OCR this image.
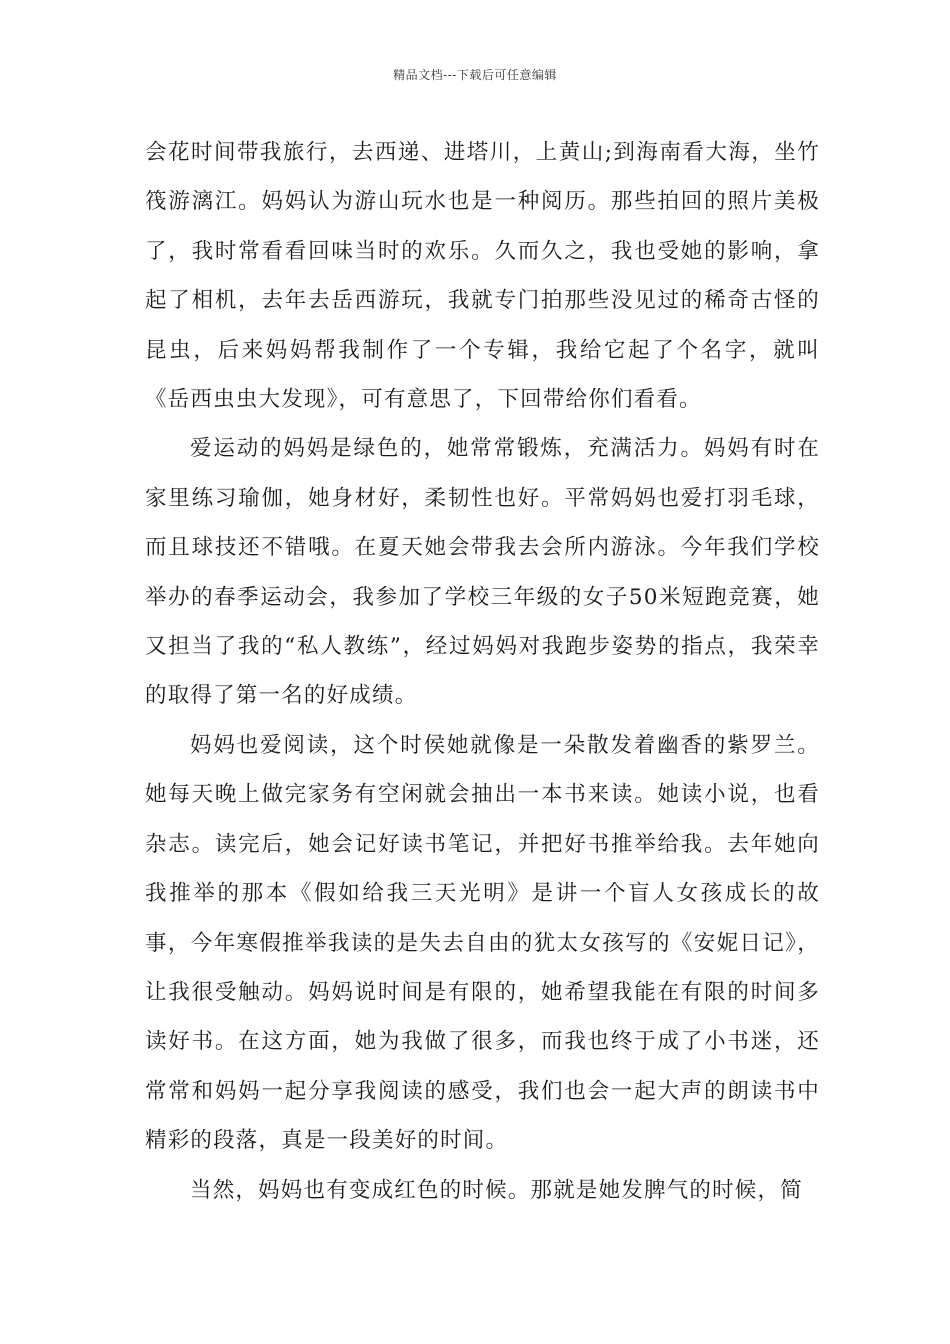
精品文档---下载后可任意编辑

会花时间带我旅行，去西递、进塔川，上黄山;到海南看大海，坐竹筏游漓江。妈妈认为游山玩水也是一种阅历。那些拍回的照片美极了，我时常看看回味当时的欢乐。久而久之，我也受她的影响，拿起了相机，去年去岳西游玩，我就专门拍那些没见过的稀奇古怪的昆虫，后来妈妈帮我制作了一个专辑，我给它起了个名字，就叫《岳西虫虫大发现》，可有意思了，下回带给你们看看。

爱运动的妈妈是绿色的，她常常锻炼，充满活力。妈妈有时在家里练习瑜伽，她身材好，柔韧性也好。平常妈妈也爱打羽毛球，而且球技还不错哦。在夏天她会带我去会所内游泳。今年我们学校举办的春季运动会，我参加了学校三年级的女子50米短跑竞赛，她又担当了我的“私人教练”，经过妈妈对我跑步姿势的指点，我荣幸的取得了第一名的好成绩。

妈妈也爱阅读，这个时侯她就像是一朵散发着幽香的紫罗兰。她每天晚上做完家务有空闲就会抽出一本书来读。她读小说，也看杂志。读完后，她会记好读书笔记，并把好书推举给我。去年她向我推举的那本《假如给我三天光明》是讲一个盲人女孩成长的故事，今年寒假推举我读的是失去自由的犹太女孩写的《安妮日记》，让我很受触动。妈妈说时间是有限的，她希望我能在有限的时间多读好书。在这方面，她为我做了很多，而我也终于成了小书迷，还常常和妈妈一起分享我阅读的感受，我们也会一起大声的朗读书中精彩的段落，真是一段美好的时间。

当然，妈妈也有变成红色的时候。那就是她发脾气的时候，简
